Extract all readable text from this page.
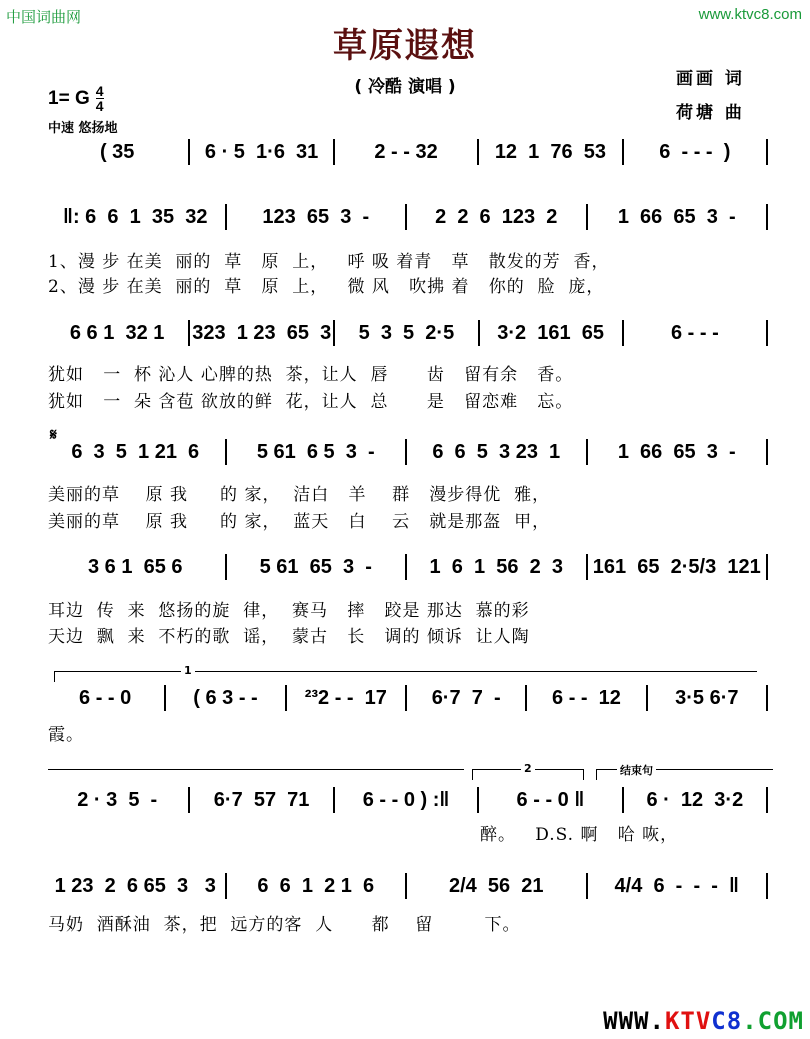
中国词曲网	www.ktvc8.com
草原遐想
( 冷酷 演唱 )	画画 词
荷塘 曲
1= G $\frac{4}{4}$
中速 悠扬地
( 35	6 · 5  1·6  31	2 - - 32	12  1  76  53	6  - - -  )
‖: 6  6  1  35  32	123  65  3  -	2  2  6  123  2	1  66  65  3  -
1、漫 步 在美  丽的  草   原  上，   呼 吸 着青   草   散发的芳  香，
2、漫 步 在美  丽的  草   原  上，   微 风   吹拂 着   你的  脸  庞，
6 6 1  32 1	323  1 23  65  3	5  3  5  2·5	3·2  161  65	6 - - -
犹如   一  杯 沁人 心脾的热  茶，让人  唇      齿   留有余   香。
犹如   一  朵 含苞 欲放的鲜  花，让人  总      是   留恋难   忘。
𝄋
6  3  5  1 21  6	5 61  6 5  3  -	6  6  5  3 23  1	1  66  65  3  -
美丽的草    原 我     的 家，  洁白   羊    群   漫步得优  雅，
美丽的草    原 我     的 家，  蓝天   白    云   就是那盔  甲，
3 6 1  65 6	5 61  65  3  -	1  6  1  56  2  3	161  65  2·5/3  121
耳边  传  来  悠扬的旋  律，  赛马   摔   跤是 那达  慕的彩
天边  飘  来  不朽的歌  谣，  蒙古   长   调的 倾诉  让人陶
1
6 - - 0	( 6 3 - -	²³2 - -  17	6·7  7  -	6 - -  12	3·5 6·7
霞。
2	结束句
2 · 3  5  -	6·7  57  71	6 - - 0 ) :‖	6 - - 0 ‖	6 ·  12  3·2
醉。   D.S. 啊   哈 咴，
1 23  2  6 65  3   3	6  6  1  2 1  6	2/4  56  21	4/4  6  -  -  -  ‖
马奶  酒酥油  茶，把  远方的客  人      都    留        下。
WWW.KTVC8.COM
